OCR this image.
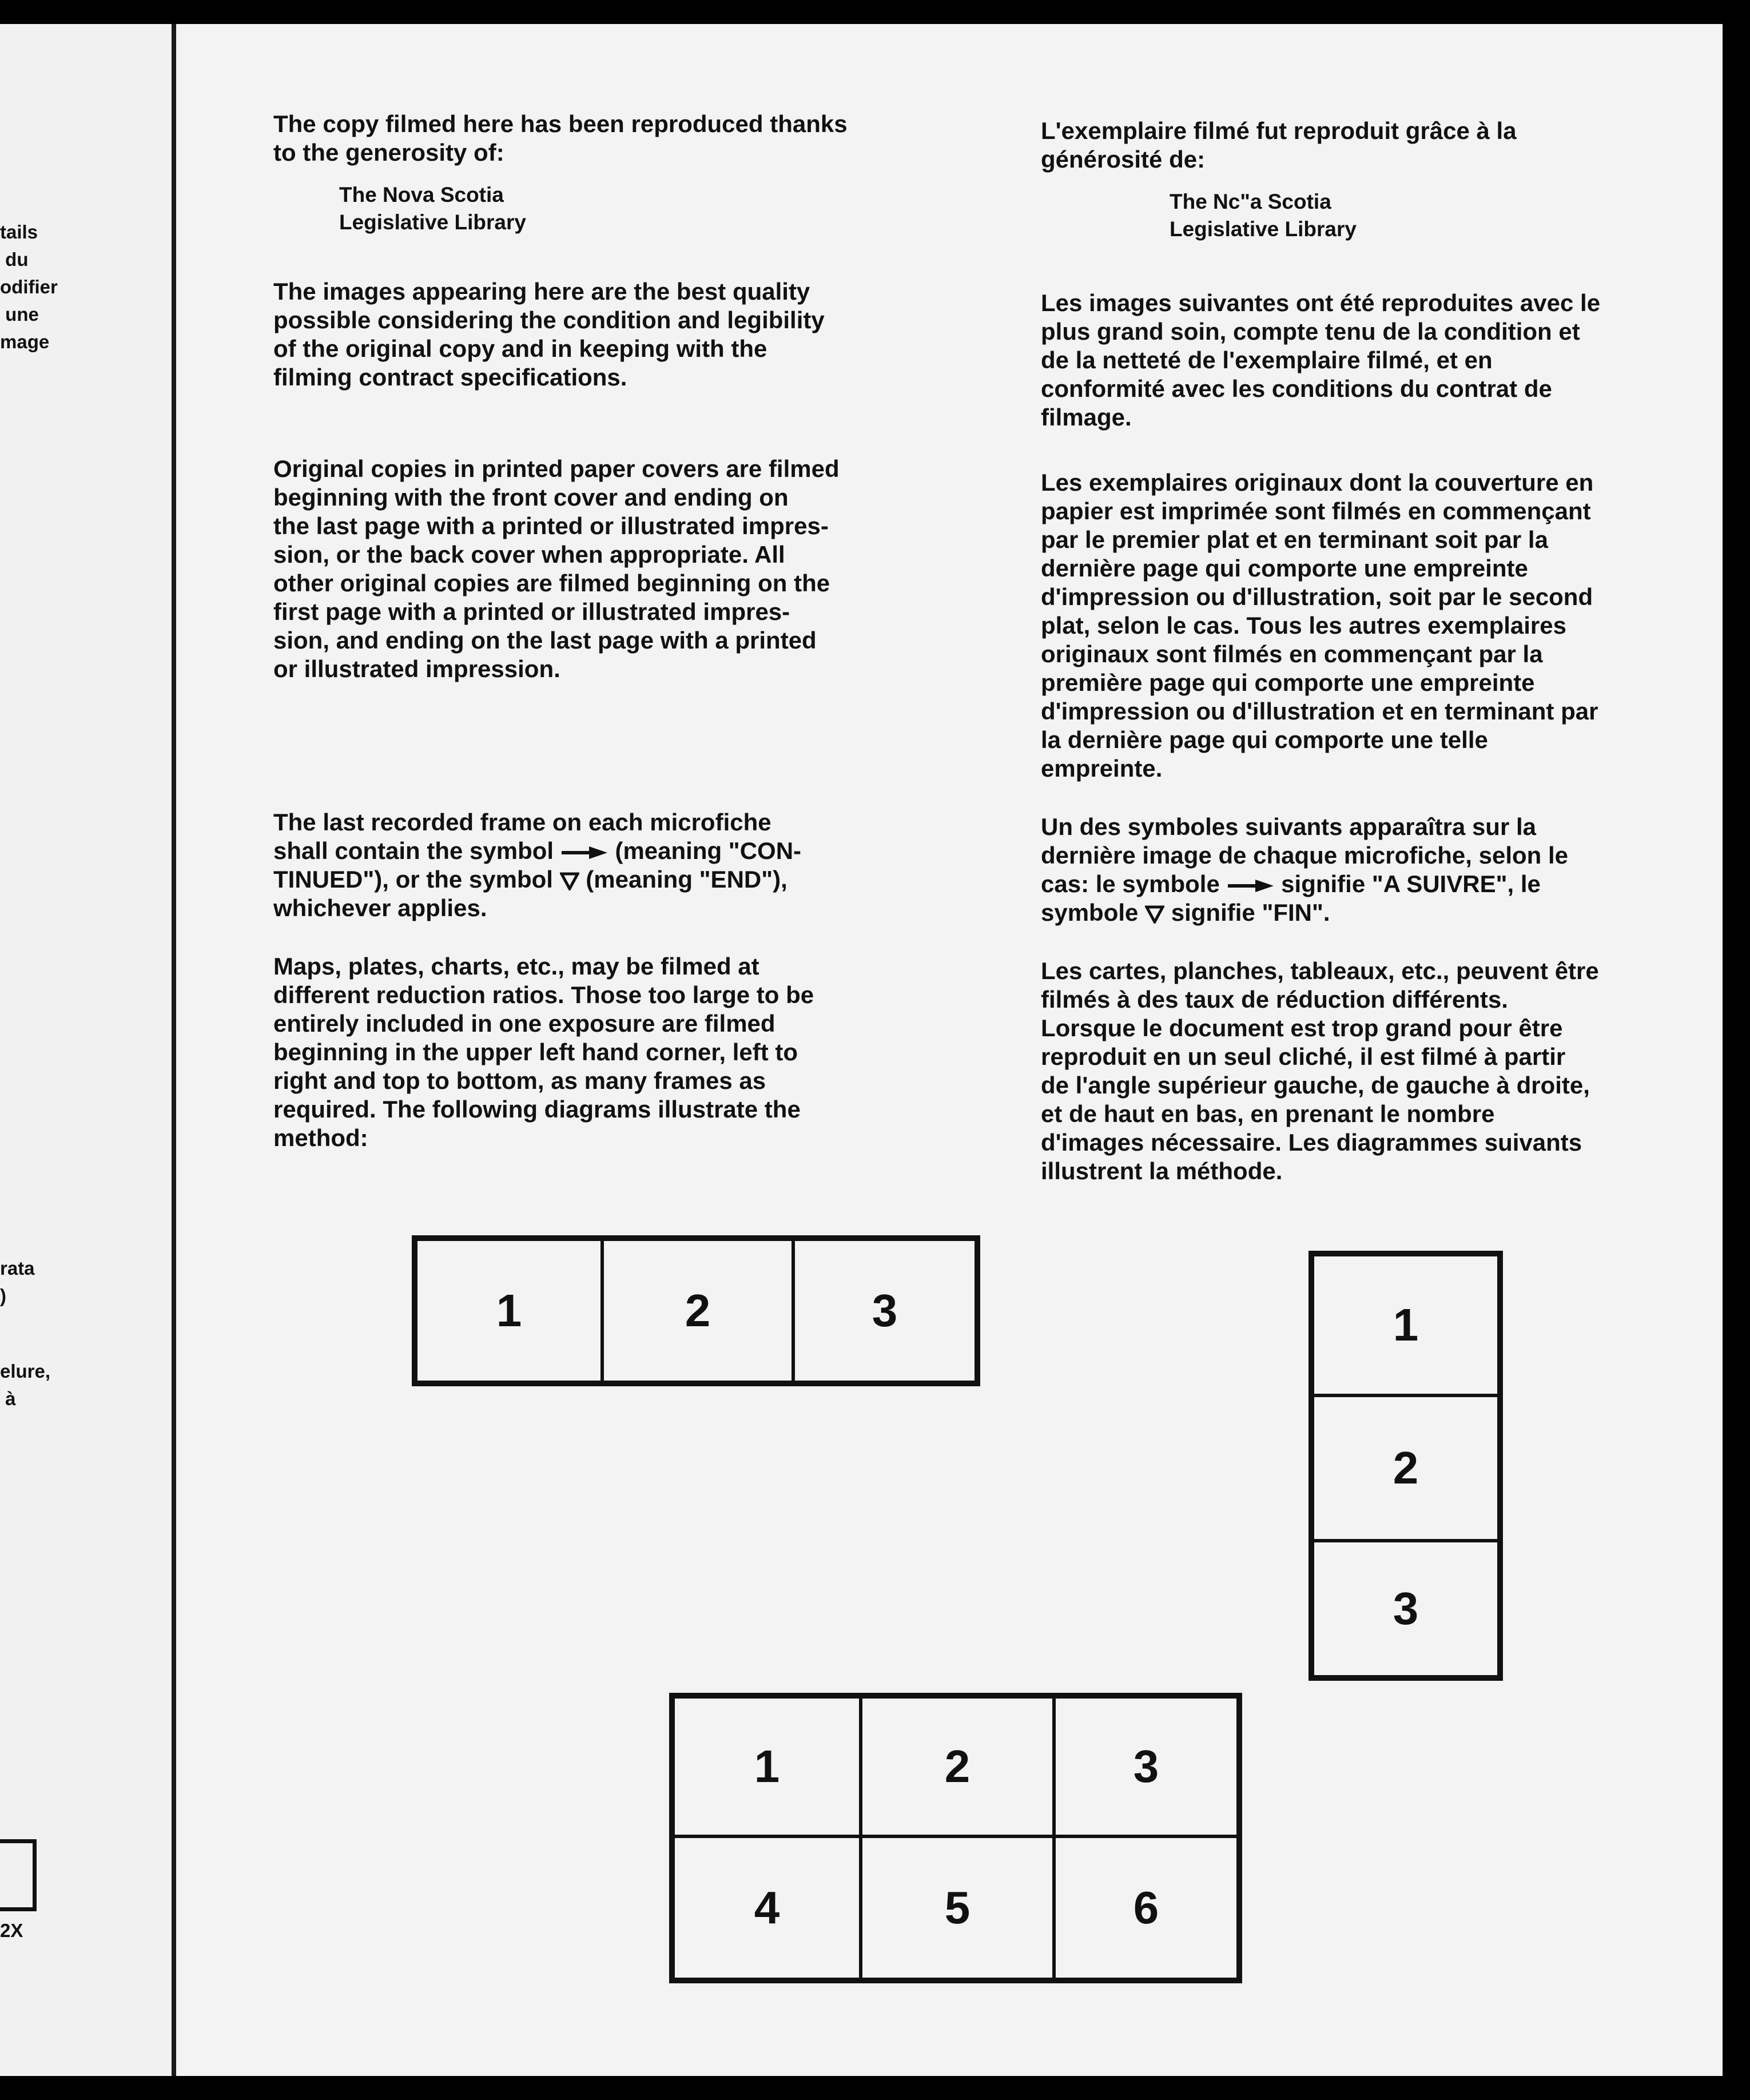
tails
du
odifier
une
mage
rata
)
elure,
à
2X

The copy filmed here has been reproduced thanks
to the generosity of:

The Nova Scotia
Legislative Library

The images appearing here are the best quality
possible considering the condition and legibility
of the original copy and in keeping with the
filming contract specifications.

Original copies in printed paper covers are filmed
beginning with the front cover and ending on
the last page with a printed or illustrated impres-
sion, or the back cover when appropriate. All
other original copies are filmed beginning on the
first page with a printed or illustrated impres-
sion, and ending on the last page with a printed
or illustrated impression.

The last recorded frame on each microfiche
shall contain the symbol	(meaning "CON-
TINUED"), or the symbol (meaning "END"),
whichever applies.

Maps, plates, charts, etc., may be filmed at
different reduction ratios. Those too large to be
entirely included in one exposure are filmed
beginning in the upper left hand corner, left to
right and top to bottom, as many frames as
required. The following diagrams illustrate the
method:

L'exemplaire filmé fut reproduit grâce à la
générosité de:

The Nc"a Scotia
Legislative Library

Les images suivantes ont été reproduites avec le
plus grand soin, compte tenu de la condition et
de la netteté de l'exemplaire filmé, et en
conformité avec les conditions du contrat de
filmage.

Les exemplaires originaux dont la couverture en
papier est imprimée sont filmés en commençant
par le premier plat et en terminant soit par la
dernière page qui comporte une empreinte
d'impression ou d'illustration, soit par le second
plat, selon le cas. Tous les autres exemplaires
originaux sont filmés en commençant par la
première page qui comporte une empreinte
d'impression ou d'illustration et en terminant par
la dernière page qui comporte une telle
empreinte.

Un des symboles suivants apparaîtra sur la
dernière image de chaque microfiche, selon le
cas: le symbole	signifie "A SUIVRE", le
symbole signifie "FIN".

Les cartes, planches, tableaux, etc., peuvent être
filmés à des taux de réduction différents.
Lorsque le document est trop grand pour être
reproduit en un seul cliché, il est filmé à partir
de l'angle supérieur gauche, de gauche à droite,
et de haut en bas, en prenant le nombre
d'images nécessaire. Les diagrammes suivants
illustrent la méthode.

1	2	3	1
2
3
1	2	3
4	5	6
